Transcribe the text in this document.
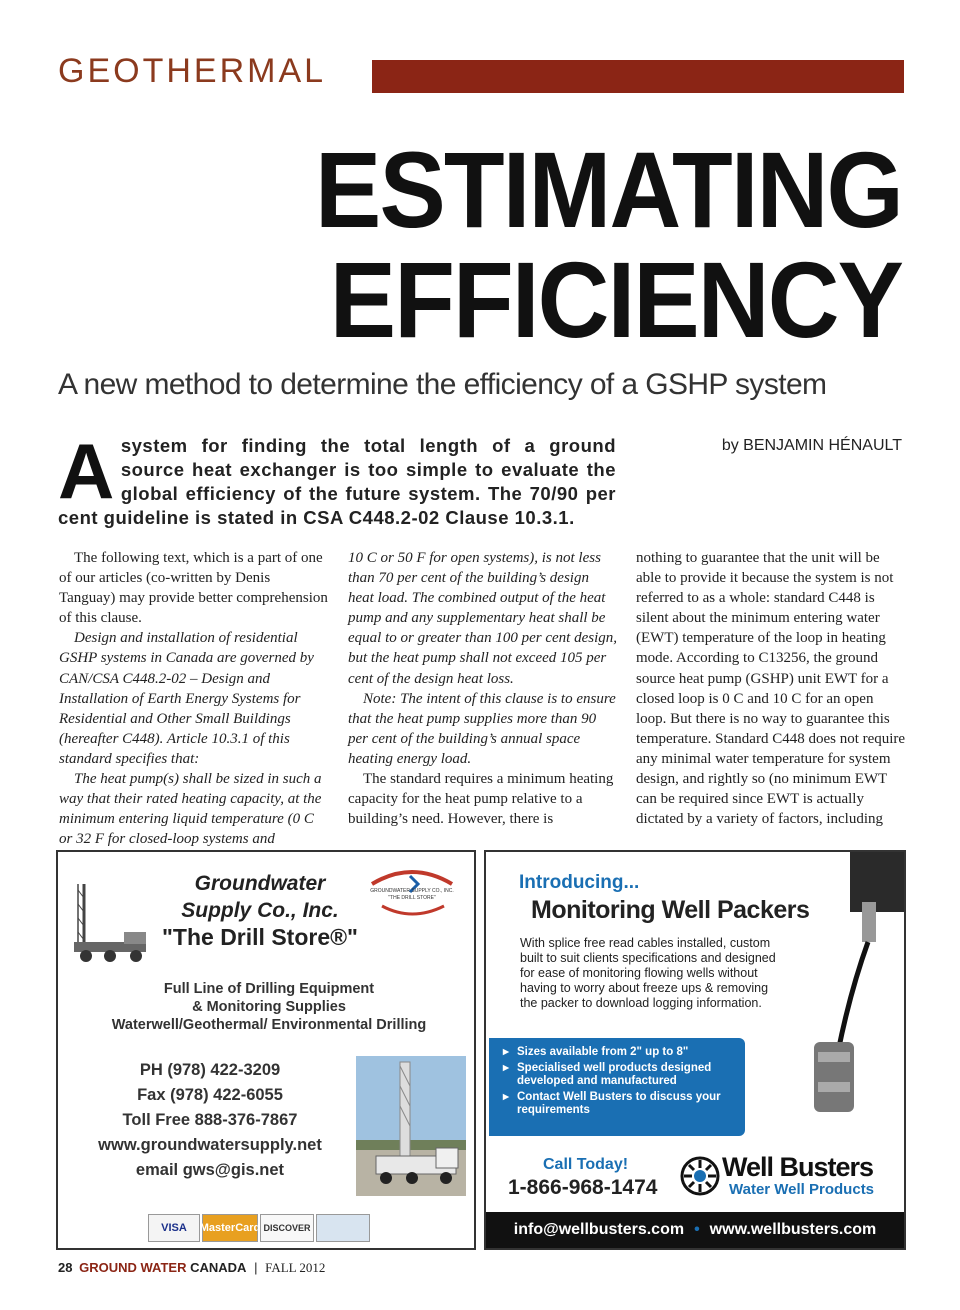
GEOTHERMAL
ESTIMATING
EFFICIENCY
A new method to determine the efficiency of a GSHP system
A system for finding the total length of a ground source heat exchanger is too simple to evaluate the global efficiency of the future system. The 70/90 per cent guideline is stated in CSA C448.2-02 Clause 10.3.1.
by BENJAMIN HÉNAULT

The following text, which is a part of one of our articles (co-written by Denis Tanguay) may provide better comprehension of this clause.

Design and installation of residential GSHP systems in Canada are governed by CAN/CSA C448.2-02 – Design and Installation of Earth Energy Systems for Residential and Other Small Buildings (hereafter C448). Article 10.3.1 of this standard specifies that:

The heat pump(s) shall be sized in such a way that their rated heating capacity, at the minimum entering liquid temperature (0 C or 32 F for closed-loop systems and

10 C or 50 F for open systems), is not less than 70 per cent of the building’s design heat load. The combined output of the heat pump and any supplementary heat shall be equal to or greater than 100 per cent design, but the heat pump shall not exceed 105 per cent of the design heat loss.

Note: The intent of this clause is to ensure that the heat pump supplies more than 90 per cent of the building’s annual space heating energy load.

The standard requires a minimum heating capacity for the heat pump relative to a building’s need. However, there is

nothing to guarantee that the unit will be able to provide it because the system is not referred to as a whole: standard C448 is silent about the minimum entering water (EWT) temperature of the loop in heating mode. According to C13256, the ground source heat pump (GSHP) unit EWT for a closed loop is 0 C and 10 C for an open loop. But there is no way to guarantee this temperature. Standard C448 does not require any minimal water temperature for system design, and rightly so (no minimum EWT can be required since EWT is actually dictated by a variety of factors, including

Groundwater
Supply Co., Inc.
"The Drill Store®"
GROUNDWATER SUPPLY CO., INC.
"THE DRILL STORE"
Full Line of Drilling Equipment
& Monitoring Supplies
Waterwell/Geothermal/ Environmental Drilling
PH (978) 422-3209
Fax (978) 422-6055
Toll Free 888-376-7867
www.groundwatersupply.net
email gws@gis.net
VISA	MasterCard DISCOVER
Introducing...
Monitoring Well Packers
With splice free read cables installed, custom built to suit clients specifications and designed for ease of monitoring flowing wells without having to worry about freeze ups & removing the packer to download logging information.
▸ Sizes available from 2" up to 8"
▸ Specialised well products designed developed and manufactured
▸ Contact Well Busters to discuss your requirements
Call Today!
1-866-968-1474
Well Busters
Water Well Products
info@wellbusters.com • www.wellbusters.com
28 GROUND WATER CANADA | FALL 2012
